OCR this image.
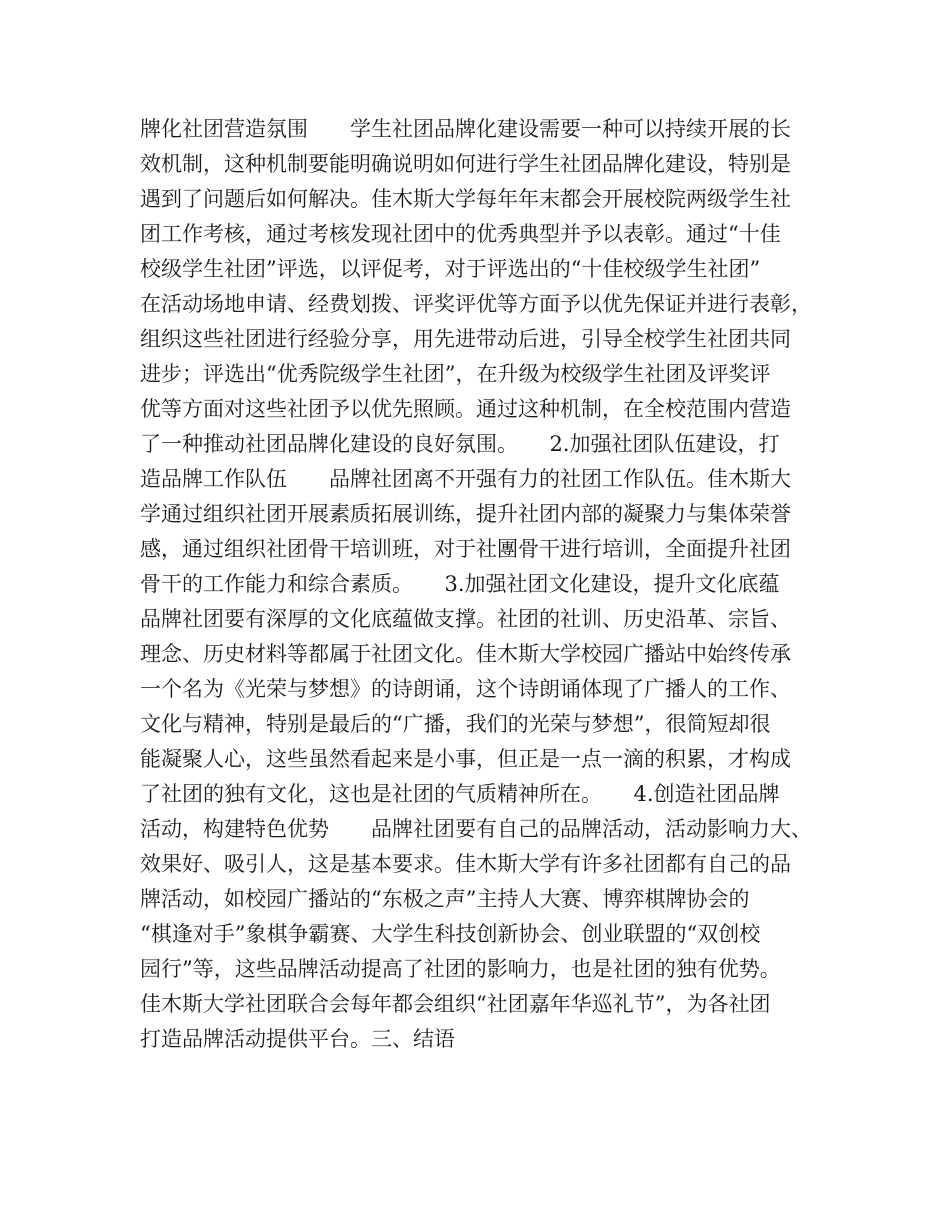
牌化社团营造氛围　　学生社团品牌化建设需要一种可以持续开展的长
效机制，这种机制要能明确说明如何进行学生社团品牌化建设，特别是
遇到了问题后如何解决。佳木斯大学每年年末都会开展校院两级学生社
团工作考核，通过考核发现社团中的优秀典型并予以表彰。通过“十佳
校级学生社团”评选，以评促考，对于评选出的“十佳校级学生社团”
在活动场地申请、经费划拨、评奖评优等方面予以优先保证并进行表彰，
组织这些社团进行经验分享，用先进带动后进，引导全校学生社团共同
进步；评选出“优秀院级学生社团”，在升级为校级学生社团及评奖评
优等方面对这些社团予以优先照顾。通过这种机制，在全校范围内营造
了一种推动社团品牌化建设的良好氛围。　　2.加强社团队伍建设，打
造品牌工作队伍　　品牌社团离不开强有力的社团工作队伍。佳木斯大
学通过组织社团开展素质拓展训练，提升社团内部的凝聚力与集体荣誉
感，通过组织社团骨干培训班，对于社團骨干进行培训，全面提升社团
骨干的工作能力和综合素质。　　3.加强社团文化建设，提升文化底蕴
品牌社团要有深厚的文化底蕴做支撑。社团的社训、历史沿革、宗旨、
理念、历史材料等都属于社团文化。佳木斯大学校园广播站中始终传承
一个名为《光荣与梦想》的诗朗诵，这个诗朗诵体现了广播人的工作、
文化与精神，特别是最后的“广播，我们的光荣与梦想”，很简短却很
能凝聚人心，这些虽然看起来是小事，但正是一点一滴的积累，才构成
了社团的独有文化，这也是社团的气质精神所在。　　4.创造社团品牌
活动，构建特色优势　　品牌社团要有自己的品牌活动，活动影响力大、
效果好、吸引人，这是基本要求。佳木斯大学有许多社团都有自己的品
牌活动，如校园广播站的“东极之声”主持人大赛、博弈棋牌协会的
“棋逢对手”象棋争霸赛、大学生科技创新协会、创业联盟的“双创校
园行”等，这些品牌活动提高了社团的影响力，也是社团的独有优势。
佳木斯大学社团联合会每年都会组织“社团嘉年华巡礼节”，为各社团
打造品牌活动提供平台。三、结语
